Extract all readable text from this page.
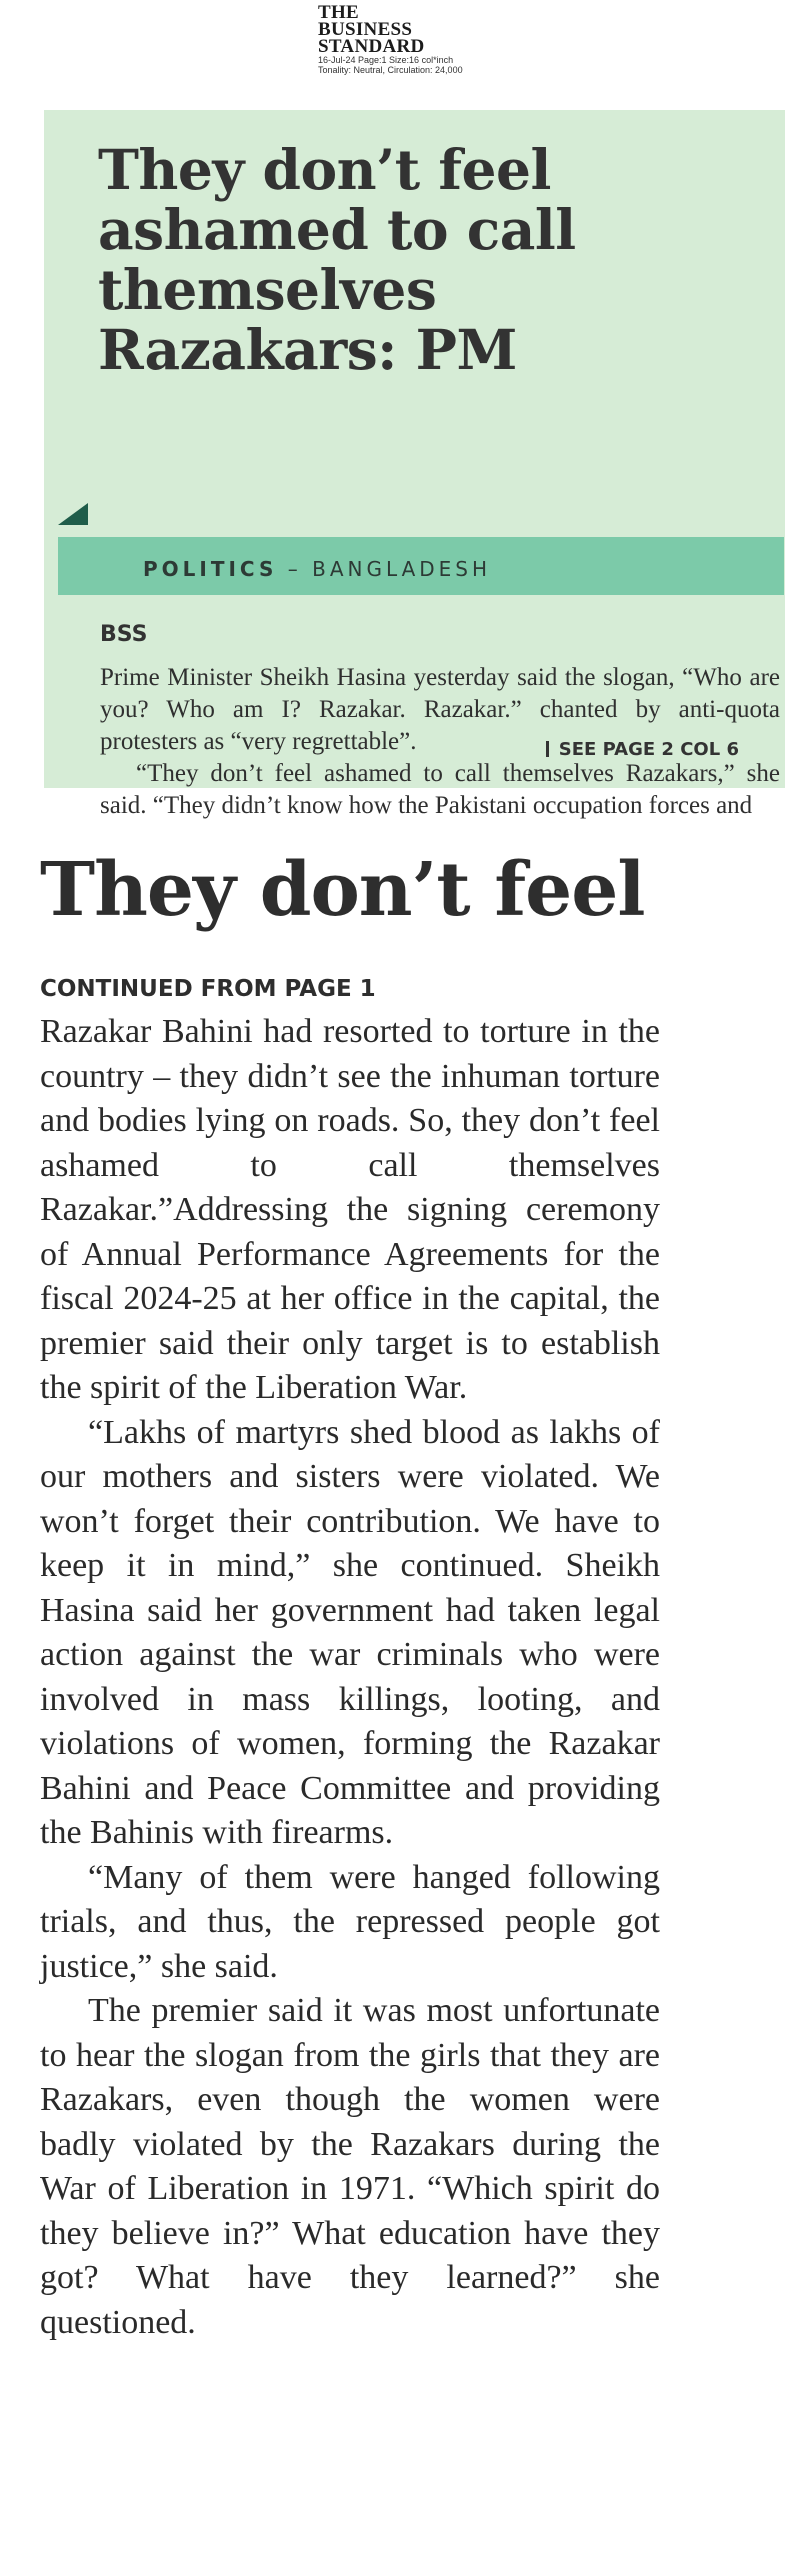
THE
BUSINESS
STANDARD
16-Jul-24 Page:1 Size:16 col*inch
Tonality: Neutral, Circulation: 24,000
They don’t feel ashamed to call themselves Razakars: PM
POLITICS – BANGLADESH
BSS

Prime Minister Sheikh Hasina yesterday said the slogan, “Who are you? Who am I? Razakar. Razakar.” chanted by anti-quota protesters as “very regrettable”.

“They don’t feel ashamed to call themselves Razakars,” she said. “They didn’t know how the Pakistani occupation forces and

SEE PAGE 2 COL 6
They don’t feel
CONTINUED FROM PAGE 1

Razakar Bahini had resorted to torture in the country – they didn’t see the inhuman torture and bodies lying on roads. So, they don’t feel ashamed to call themselves Razakar.”Addressing the signing ceremony of Annual Performance Agreements for the fiscal 2024-25 at her office in the capital, the premier said their only target is to establish the spirit of the Liberation War.

“Lakhs of martyrs shed blood as lakhs of our mothers and sisters were violated. We won’t forget their contribution. We have to keep it in mind,” she continued. Sheikh Hasina said her government had taken legal action against the war criminals who were involved in mass killings, looting, and violations of women, forming the Razakar Bahini and Peace Committee and providing the Bahinis with firearms.

“Many of them were hanged following trials, and thus, the repressed people got justice,” she said.

The premier said it was most unfortunate to hear the slogan from the girls that they are Razakars, even though the women were badly violated by the Razakars during the War of Liberation in 1971. “Which spirit do they believe in?” What education have they got? What have they learned?” she questioned.
